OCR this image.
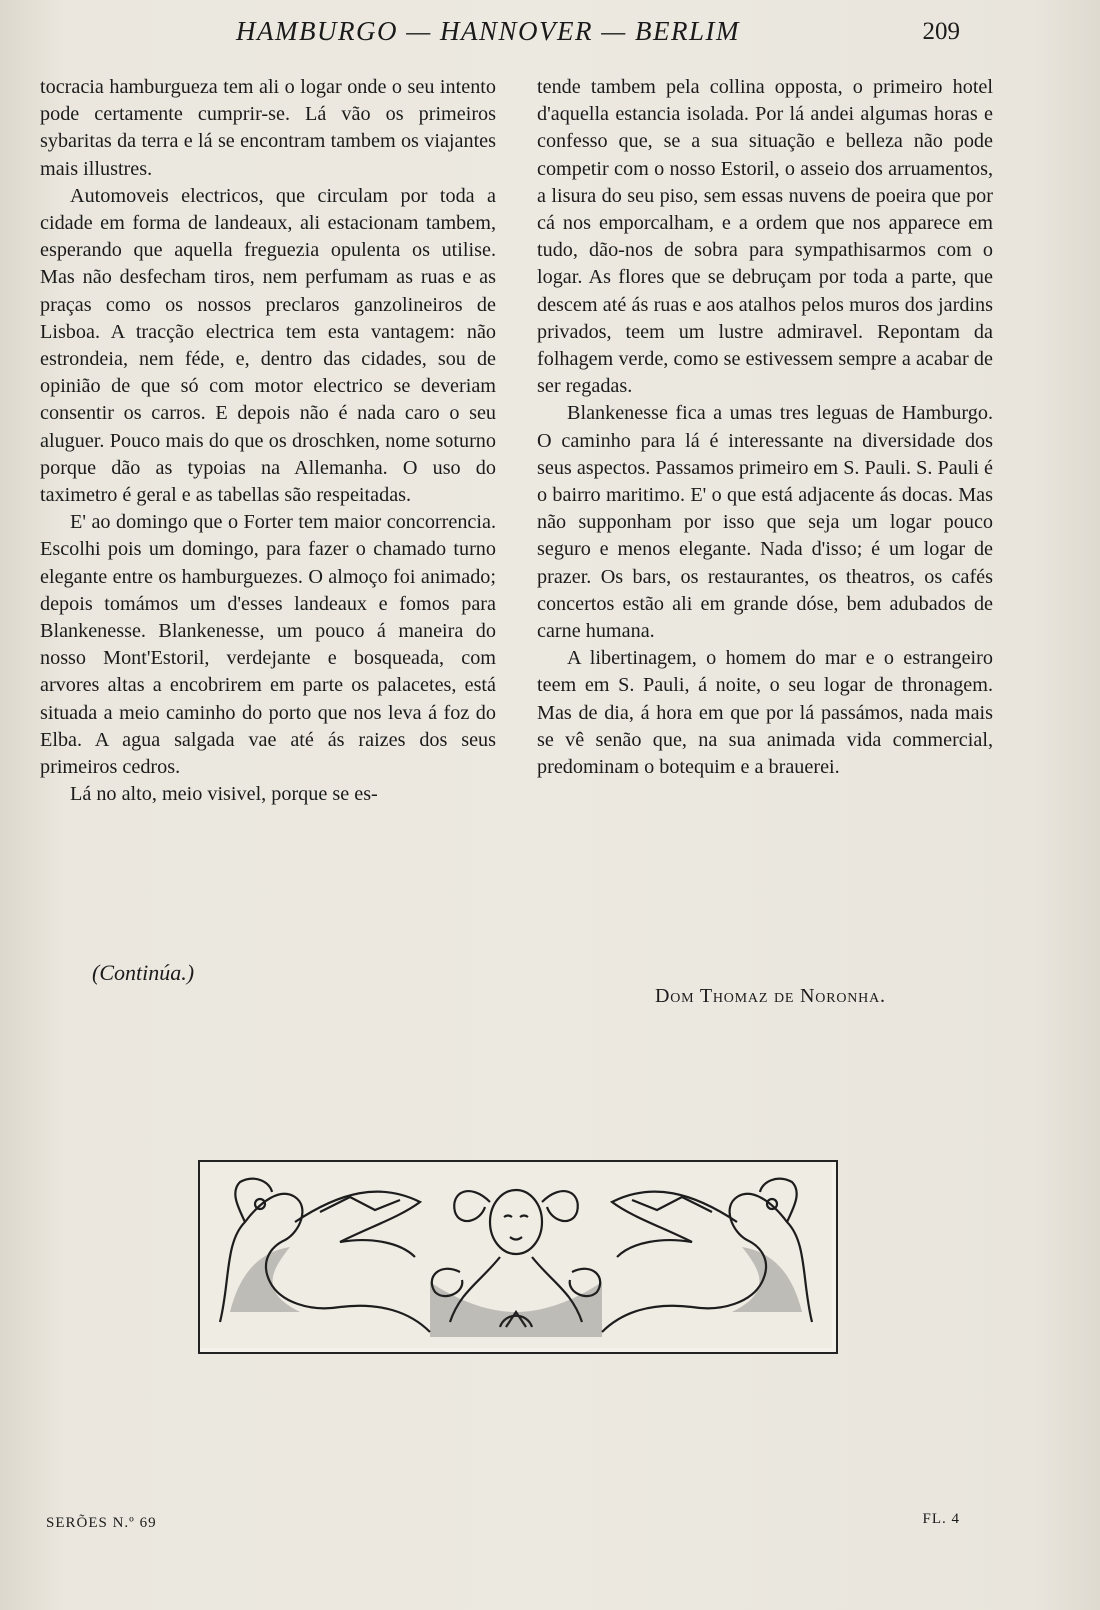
HAMBURGO — HANNOVER — BERLIM	209

tocracia hamburgueza tem ali o logar onde o seu intento pode certamente cumprir-se. Lá vão os primeiros sybaritas da terra e lá se encontram tambem os viajantes mais illustres.

Automoveis electricos, que circulam por toda a cidade em forma de landeaux, ali estacionam tambem, esperando que aquella freguezia opulenta os utilise. Mas não desfecham tiros, nem perfumam as ruas e as praças como os nossos preclaros ganzolineiros de Lisboa. A tracção electrica tem esta vantagem: não estrondeia, nem féde, e, dentro das cidades, sou de opinião de que só com motor electrico se deveriam consentir os carros. E depois não é nada caro o seu aluguer. Pouco mais do que os droschken, nome soturno porque dão as typoias na Allemanha. O uso do taximetro é geral e as tabellas são respeitadas.

E' ao domingo que o Forter tem maior concorrencia. Escolhi pois um domingo, para fazer o chamado turno elegante entre os hamburguezes. O almoço foi animado; depois tomámos um d'esses landeaux e fomos para Blankenesse. Blankenesse, um pouco á maneira do nosso Mont'Estoril, verdejante e bosqueada, com arvores altas a encobrirem em parte os palacetes, está situada a meio caminho do porto que nos leva á foz do Elba. A agua salgada vae até ás raizes dos seus primeiros cedros.

Lá no alto, meio visivel, porque se es-

(Continúa.)

tende tambem pela collina opposta, o primeiro hotel d'aquella estancia isolada. Por lá andei algumas horas e confesso que, se a sua situação e belleza não pode competir com o nosso Estoril, o asseio dos arruamentos, a lisura do seu piso, sem essas nuvens de poeira que por cá nos emporcalham, e a ordem que nos apparece em tudo, dão-nos de sobra para sympathisarmos com o logar. As flores que se debruçam por toda a parte, que descem até ás ruas e aos atalhos pelos muros dos jardins privados, teem um lustre admiravel. Repontam da folhagem verde, como se estivessem sempre a acabar de ser regadas.

Blankenesse fica a umas tres leguas de Hamburgo. O caminho para lá é interessante na diversidade dos seus aspectos. Passamos primeiro em S. Pauli. S. Pauli é o bairro maritimo. E' o que está adjacente ás docas. Mas não supponham por isso que seja um logar pouco seguro e menos elegante. Nada d'isso; é um logar de prazer. Os bars, os restaurantes, os theatros, os cafés concertos estão ali em grande dóse, bem adubados de carne humana.

A libertinagem, o homem do mar e o estrangeiro teem em S. Pauli, á noite, o seu logar de thronagem. Mas de dia, á hora em que por lá passámos, nada mais se vê senão que, na sua animada vida commercial, predominam o botequim e a brauerei.

Dom Thomaz de Noronha.
SERÕES N.º 69	FL. 4
